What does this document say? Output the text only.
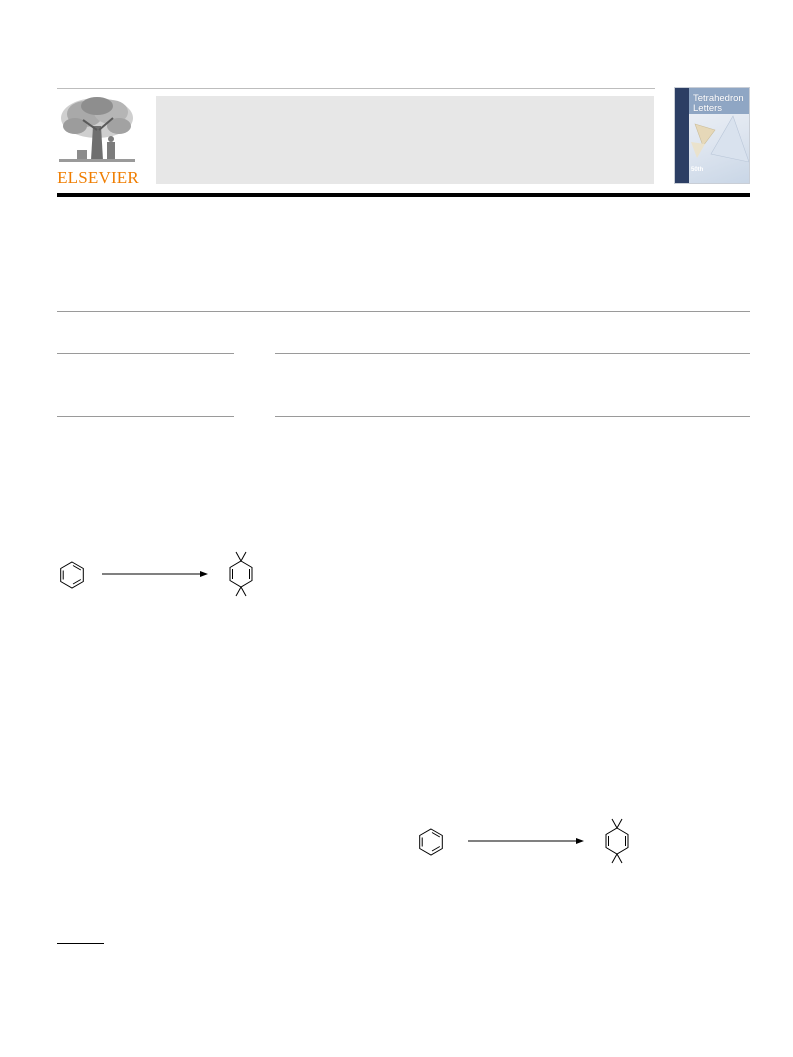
ELSEVIER
Tetrahedron
Letters
50th
